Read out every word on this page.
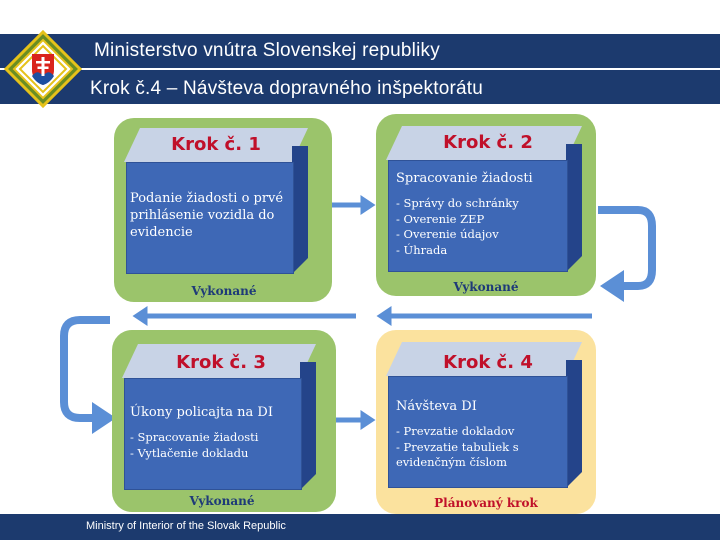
Ministerstvo vnútra Slovenskej republiky
Krok č.4 – Návšteva dopravného inšpektorátu
Krok č. 1
Podanie žiadosti o prvé prihlásenie vozidla do evidencie
Vykonané
Krok č. 2
Spracovanie žiadosti
- Správy do schránky
- Overenie ZEP
- Overenie údajov
- Úhrada
Vykonané
Krok č. 3
Úkony policajta na DI
- Spracovanie žiadosti
- Vytlačenie dokladu
Vykonané
Krok č. 4
Návšteva DI
- Prevzatie dokladov
- Prevzatie tabuliek s evidenčným číslom
Plánovaný krok
Ministry of Interior of the Slovak Republic
